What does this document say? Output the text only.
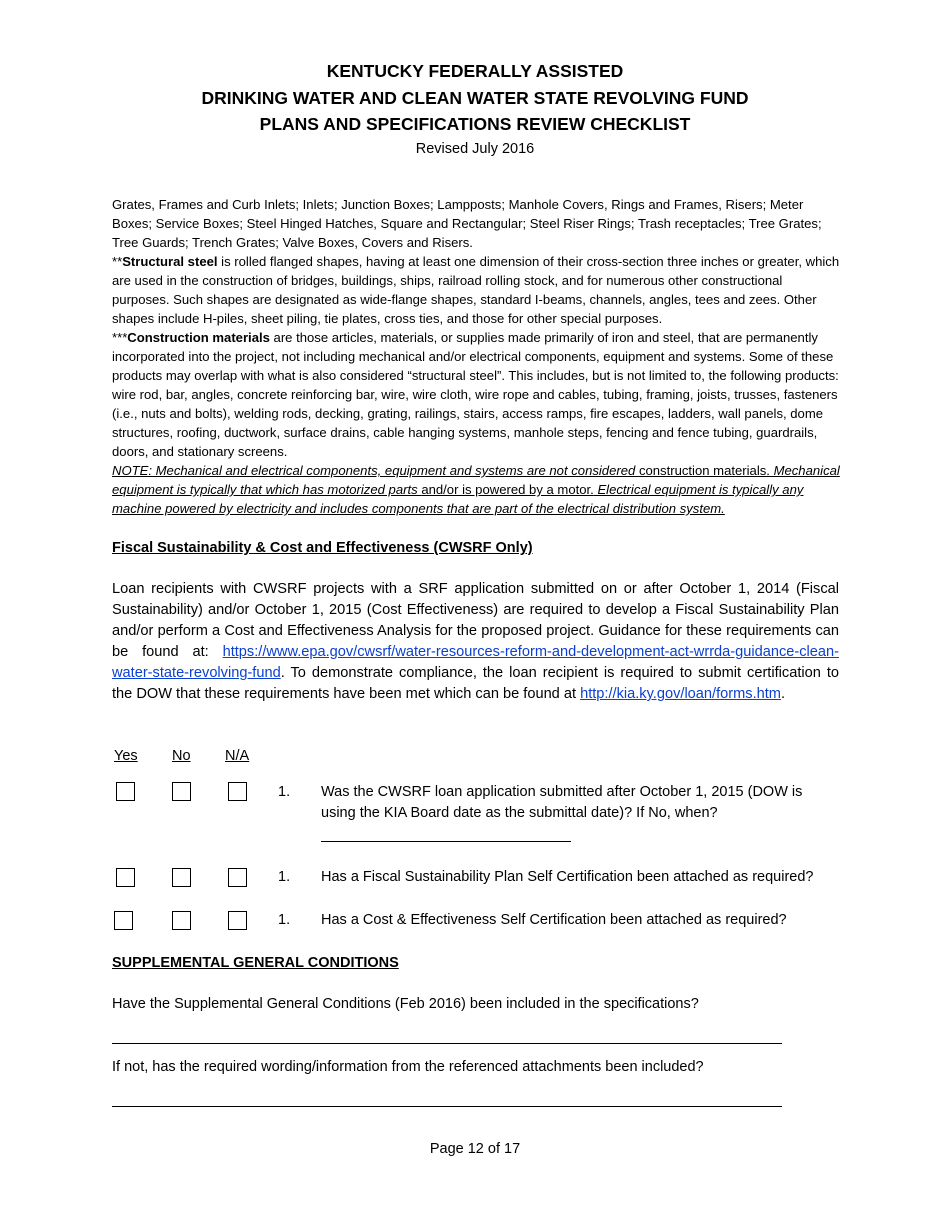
KENTUCKY FEDERALLY ASSISTED
DRINKING WATER AND CLEAN WATER STATE REVOLVING FUND
PLANS AND SPECIFICATIONS REVIEW CHECKLIST
Revised July 2016

Grates, Frames and Curb Inlets; Inlets; Junction Boxes; Lampposts; Manhole Covers, Rings and Frames, Risers; Meter Boxes; Service Boxes; Steel Hinged Hatches, Square and Rectangular; Steel Riser Rings; Trash receptacles; Tree Grates; Tree Guards; Trench Grates; Valve Boxes, Covers and Risers.

**Structural steel is rolled flanged shapes, having at least one dimension of their cross-section three inches or greater, which are used in the construction of bridges, buildings, ships, railroad rolling stock, and for numerous other constructional purposes. Such shapes are designated as wide-flange shapes, standard I-beams, channels, angles, tees and zees. Other shapes include H-piles, sheet piling, tie plates, cross ties, and those for other special purposes.

***Construction materials are those articles, materials, or supplies made primarily of iron and steel, that are permanently incorporated into the project, not including mechanical and/or electrical components, equipment and systems. Some of these products may overlap with what is also considered “structural steel”. This includes, but is not limited to, the following products: wire rod, bar, angles, concrete reinforcing bar, wire, wire cloth, wire rope and cables, tubing, framing, joists, trusses, fasteners (i.e., nuts and bolts), welding rods, decking, grating, railings, stairs, access ramps, fire escapes, ladders, wall panels, dome structures, roofing, ductwork, surface drains, cable hanging systems, manhole steps, fencing and fence tubing, guardrails, doors, and stationary screens.

NOTE: Mechanical and electrical components, equipment and systems are not considered construction materials. Mechanical equipment is typically that which has motorized parts and/or is powered by a motor. Electrical equipment is typically any machine powered by electricity and includes components that are part of the electrical distribution system.

Fiscal Sustainability & Cost and Effectiveness (CWSRF Only)
Loan recipients with CWSRF projects with a SRF application submitted on or after October 1, 2014 (Fiscal Sustainability) and/or October 1, 2015 (Cost Effectiveness) are required to develop a Fiscal Sustainability Plan and/or perform a Cost and Effectiveness Analysis for the proposed project. Guidance for these requirements can be found at: https://www.epa.gov/cwsrf/water-resources-reform-and-development-act-wrrda-guidance-clean-water-state-revolving-fund. To demonstrate compliance, the loan recipient is required to submit certification to the DOW that these requirements have been met which can be found at http://kia.ky.gov/loan/forms.htm.
Yes No N/A
1. Was the CWSRF loan application submitted after October 1, 2015 (DOW is using the KIA Board date as the submittal date)? If No, when?
1. Has a Fiscal Sustainability Plan Self Certification been attached as required?
1. Has a Cost & Effectiveness Self Certification been attached as required?
SUPPLEMENTAL GENERAL CONDITIONS
Have the Supplemental General Conditions (Feb 2016) been included in the specifications?
If not, has the required wording/information from the referenced attachments been included?
Page 12 of 17
